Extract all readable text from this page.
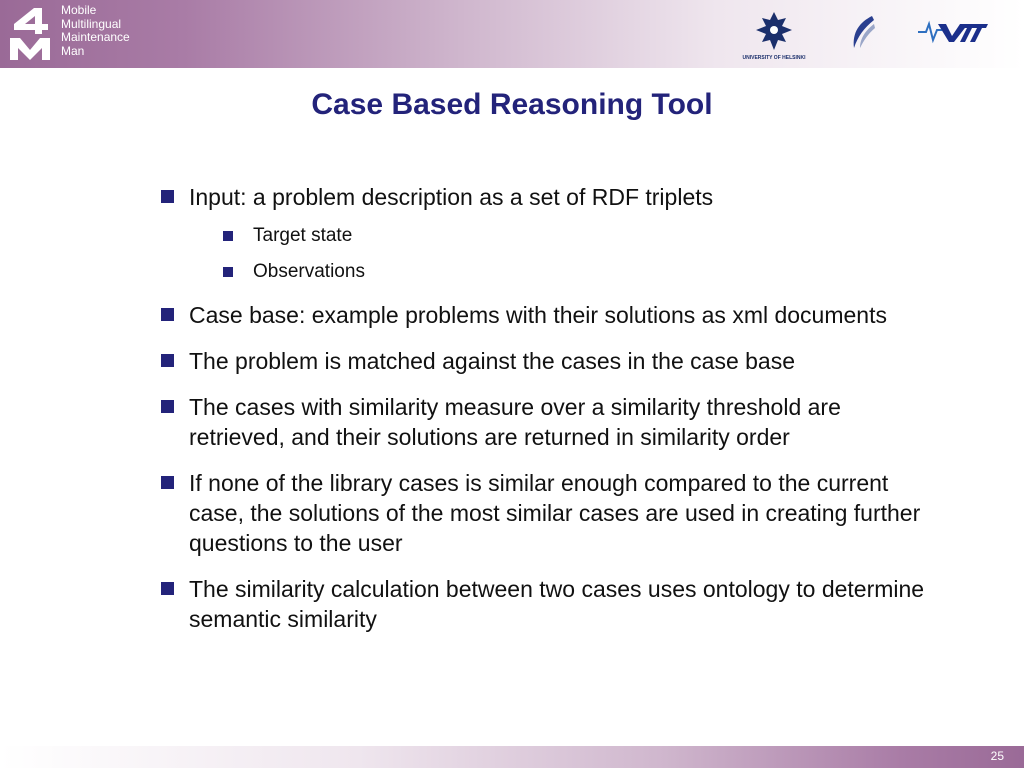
Mobile
Multilingual
Maintenance
Man
UNIVERSITY OF HELSINKI
Case Based Reasoning Tool
Input: a problem description as a set of RDF triplets
Target state
Observations
Case base: example problems with their solutions as xml documents
The problem is matched against the cases in the case base
The cases with similarity measure over a similarity threshold are retrieved, and their solutions are returned in similarity order
If none of the library cases is similar enough compared to the current case, the solutions of the most similar cases are used in creating further questions to the user
The similarity calculation between two cases uses ontology to determine semantic similarity
25
